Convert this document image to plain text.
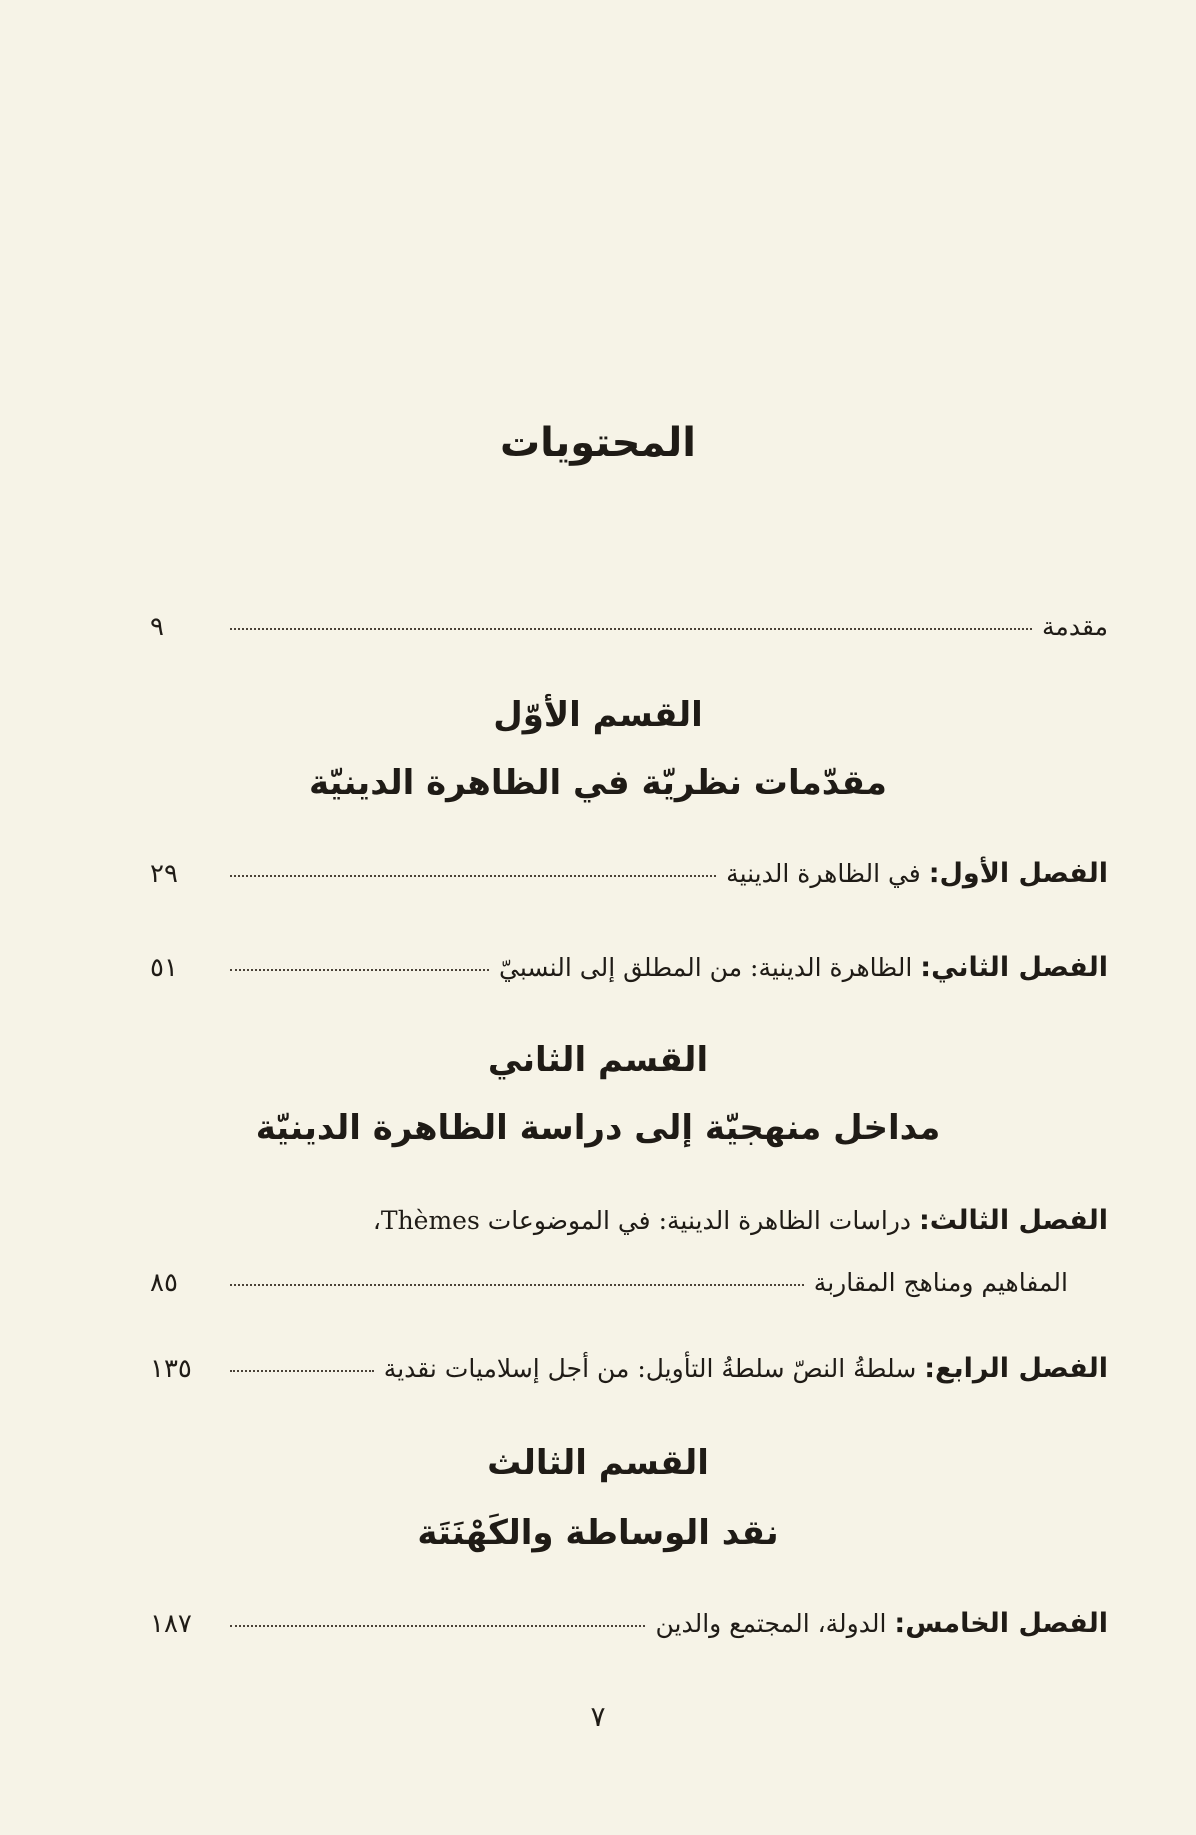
المحتويات
مقدمة
٩
القسم الأوّل
مقدّمات نظريّة في الظاهرة الدينيّة
الفصل الأول: في الظاهرة الدينية
٢٩
الفصل الثاني: الظاهرة الدينية: من المطلق إلى النسبيّ
٥١
القسم الثاني
مداخل منهجيّة إلى دراسة الظاهرة الدينيّة
الفصل الثالث: دراسات الظاهرة الدينية: في الموضوعات Thèmes،
المفاهيم ومناهج المقاربة
٨٥
الفصل الرابع: سلطةُ النصّ سلطةُ التأويل: من أجل إسلاميات نقدية
١٣٥
القسم الثالث
نقد الوساطة والكَهْنَتَة
الفصل الخامس: الدولة، المجتمع والدين
١٨٧
٧
